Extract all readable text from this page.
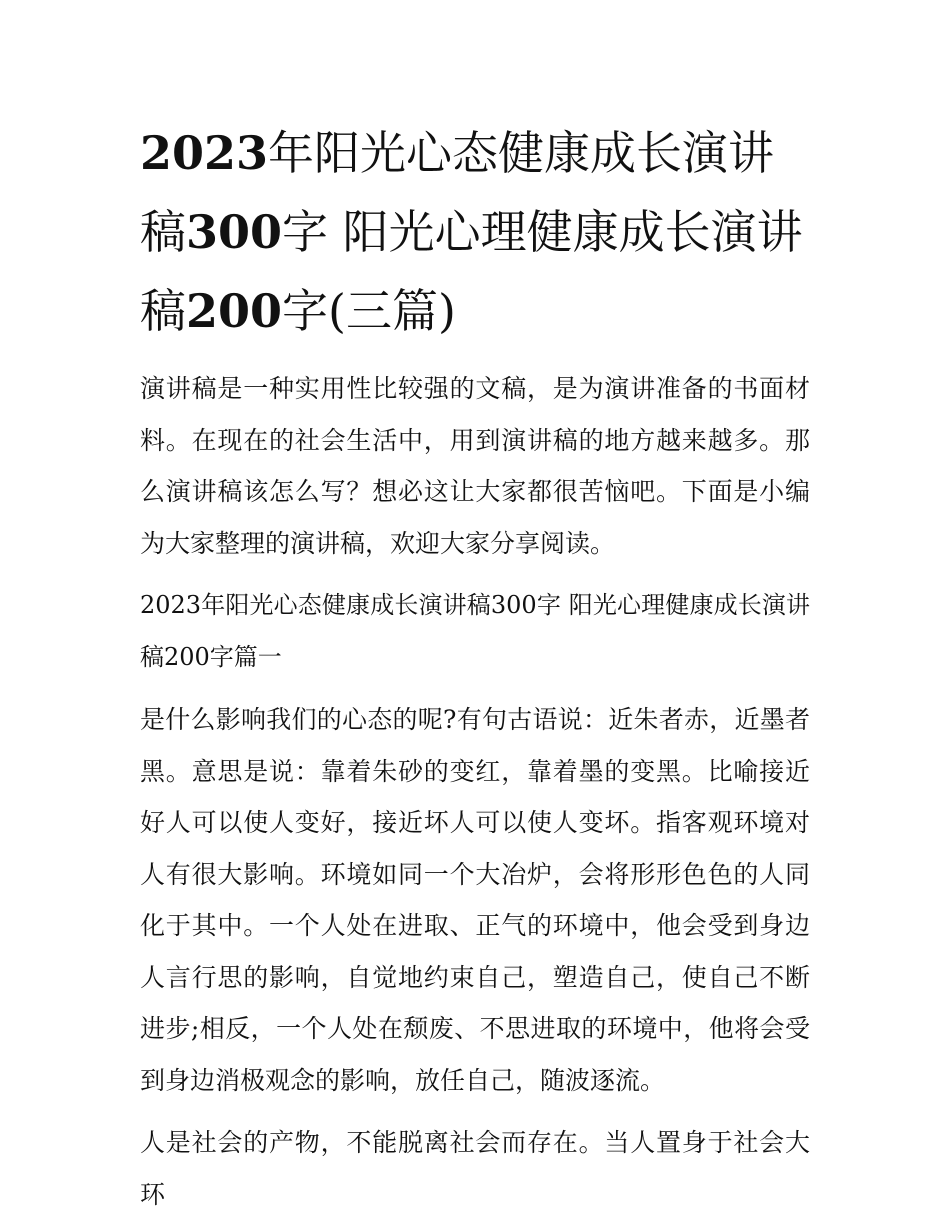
2023年阳光心态健康成长演讲稿300字 阳光心理健康成长演讲稿200字(三篇)

演讲稿是一种实用性比较强的文稿，是为演讲准备的书面材料。在现在的社会生活中，用到演讲稿的地方越来越多。那么演讲稿该怎么写？想必这让大家都很苦恼吧。下面是小编为大家整理的演讲稿，欢迎大家分享阅读。

2023年阳光心态健康成长演讲稿300字 阳光心理健康成长演讲稿200字篇一

是什么影响我们的心态的呢?有句古语说：近朱者赤，近墨者黑。意思是说：靠着朱砂的变红，靠着墨的变黑。比喻接近好人可以使人变好，接近坏人可以使人变坏。指客观环境对人有很大影响。环境如同一个大冶炉，会将形形色色的人同化于其中。一个人处在进取、正气的环境中，他会受到身边人言行思的影响，自觉地约束自己，塑造自己，使自己不断进步;相反，一个人处在颓废、不思进取的环境中，他将会受到身边消极观念的影响，放任自己，随波逐流。

人是社会的产物，不能脱离社会而存在。当人置身于社会大环
